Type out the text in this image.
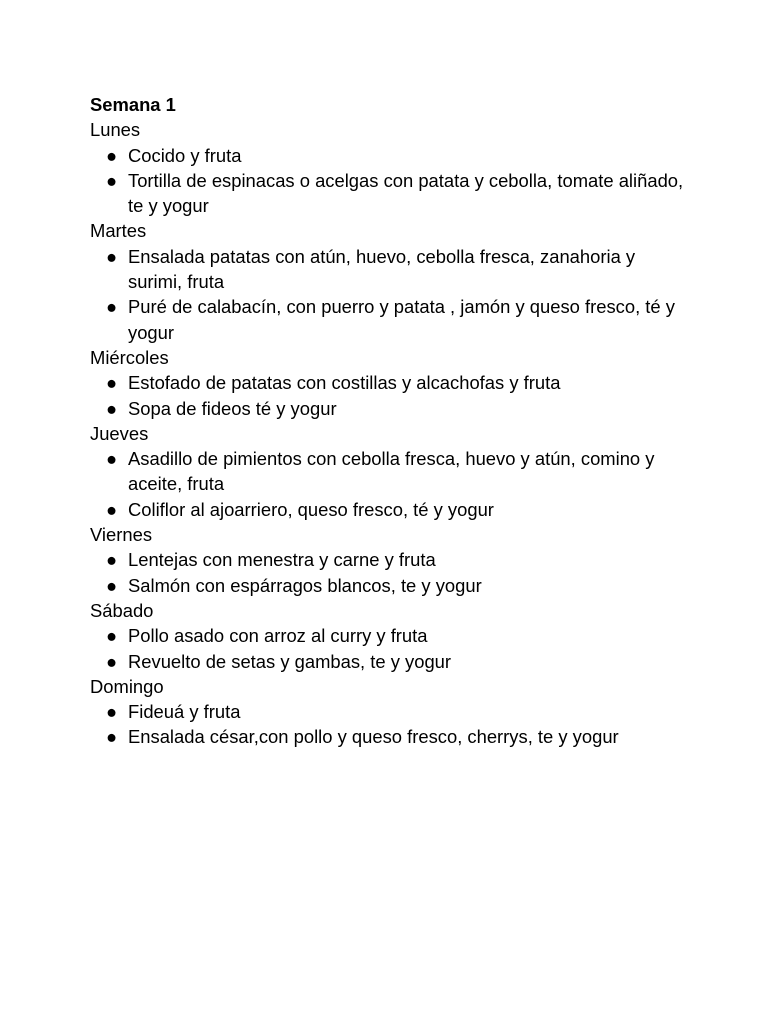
Semana 1

Lunes

● Cocido y fruta
● Tortilla de espinacas o acelgas con patata y cebolla, tomate aliñado, te y yogur

Martes

● Ensalada patatas con atún, huevo, cebolla fresca, zanahoria y surimi, fruta
● Puré de calabacín, con puerro y patata , jamón y queso fresco, té y yogur

Miércoles

● Estofado de patatas con costillas y alcachofas y fruta
● Sopa de fideos té y yogur

Jueves

● Asadillo de pimientos con cebolla fresca, huevo y atún, comino y aceite, fruta
● Coliflor al ajoarriero, queso fresco, té y yogur

Viernes

● Lentejas con menestra y carne y fruta
● Salmón con espárragos blancos, te y yogur

Sábado

● Pollo asado con arroz al curry y fruta
● Revuelto de setas y gambas, te y yogur

Domingo

● Fideuá y fruta
● Ensalada césar,con pollo y queso fresco, cherrys, te y yogur
